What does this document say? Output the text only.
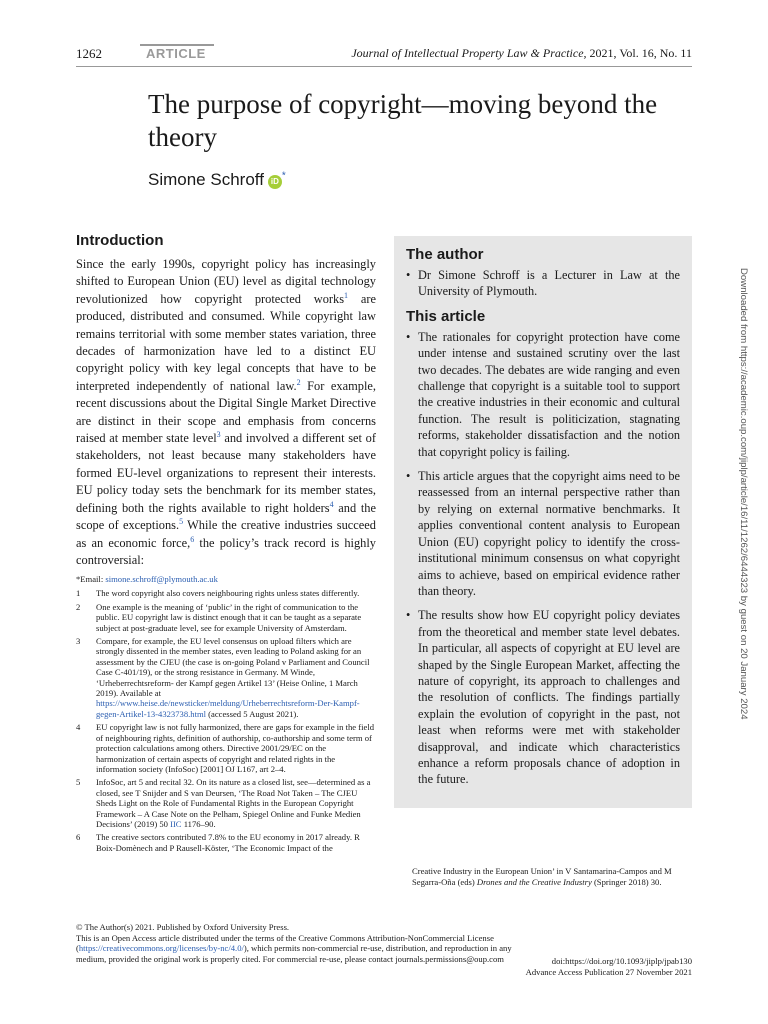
1262	ARTICLE	Journal of Intellectual Property Law & Practice, 2021, Vol. 16, No. 11
The purpose of copyright—moving beyond the theory
Simone Schroff iD*
Introduction

Since the early 1990s, copyright policy has increasingly shifted to European Union (EU) level as digital technology revolutionized how copyright protected works$^1$ are produced, distributed and consumed. While copyright law remains territorial with some member states variation, three decades of harmonization have led to a distinct EU copyright policy with key legal concepts that have to be interpreted independently of national law.$^2$ For example, recent discussions about the Digital Single Market Directive are distinct in their scope and emphasis from concerns raised at member state level$^3$ and involved a different set of stakeholders, not least because many stakeholders have formed EU-level organizations to represent their interests. EU policy today sets the benchmark for its member states, defining both the rights available to right holders$^4$ and the scope of exceptions.$^5$ While the creative industries succeed as an economic force,$^6$ the policy’s track record is highly controversial:

*Email: simone.schroff@plymouth.ac.uk
1	The word copyright also covers neighbouring rights unless states differently.
2	One example is the meaning of ‘public’ in the right of communication to the public. EU copyright law is distinct enough that it can be taught as a separate subject at post-graduate level, see for example University of Amsterdam.
3	Compare, for example, the EU level consensus on upload filters which are strongly dissented in the member states, even leading to Poland asking for an assessment by the CJEU (the case is on-going Poland v Parliament and Council Case C-401/19), or the strong resistance in Germany. M Winde, ‘Urheberrechtsreform- der Kampf gegen Artikel 13’ (Heise Online, 1 March 2019). Available at https://www.heise.de/newsticker/meldung/Urheberrechtsreform-Der-Kampf-gegen-Artikel-13-4323738.html (accessed 5 August 2021).
4	EU copyright law is not fully harmonized, there are gaps for example in the field of neighbouring rights, definition of authorship, co-authorship and some term of protection calculations among others. Directive 2001/29/EC on the harmonization of certain aspects of copyright and related rights in the information society (InfoSoc) [2001] OJ L167, art 2–4.
5	InfoSoc, art 5 and recital 32. On its nature as a closed list, see—determined as a closed, see T Snijder and S van Deursen, ‘The Road Not Taken – The CJEU Sheds Light on the Role of Fundamental Rights in the European Copyright Framework – A Case Note on the Pelham, Spiegel Online and Funke Medien Decisions’ (2019) 50 IIC 1176–90.
6	The creative sectors contributed 7.8% to the EU economy in 2017 already. R Boix-Domènech and P Rausell-Köster, ‘The Economic Impact of the
The author
• Dr Simone Schroff is a Lecturer in Law at the University of Plymouth.
This article
• The rationales for copyright protection have come under intense and sustained scrutiny over the last two decades. The debates are wide ranging and even challenge that copyright is a suitable tool to support the creative industries in their economic and cultural function. The result is politicization, stagnating reforms, stakeholder dissatisfaction and the notion that copyright policy is failing.
• This article argues that the copyright aims need to be reassessed from an internal perspective rather than by relying on external normative benchmarks. It applies conventional content analysis to European Union (EU) copyright policy to identify the cross-institutional minimum consensus on what copyright aims to achieve, based on empirical evidence rather than theory.
• The results show how EU copyright policy deviates from the theoretical and member state level debates. In particular, all aspects of copyright at EU level are shaped by the Single European Market, affecting the nature of copyright, its approach to challenges and the resolution of conflicts. The findings partially explain the evolution of copyright in the past, not least when reforms were met with stakeholder disapproval, and indicate which characteristics enhance a reform proposals chance of adoption in the future.
Creative Industry in the European Union’ in V Santamarina-Campos and M Segarra-Oña (eds) Drones and the Creative Industry (Springer 2018) 30.
© The Author(s) 2021. Published by Oxford University Press.
This is an Open Access article distributed under the terms of the Creative Commons Attribution-NonCommercial License (https://creativecommons.org/licenses/by-nc/4.0/), which permits non-commercial re-use, distribution, and reproduction in any medium, provided the original work is properly cited. For commercial re-use, please contact journals.permissions@oup.com	doi:https://doi.org/10.1093/jiplp/jpab130
Advance Access Publication 27 November 2021
Downloaded from https://academic.oup.com/jiplp/article/16/11/1262/6444323 by guest on 20 January 2024
